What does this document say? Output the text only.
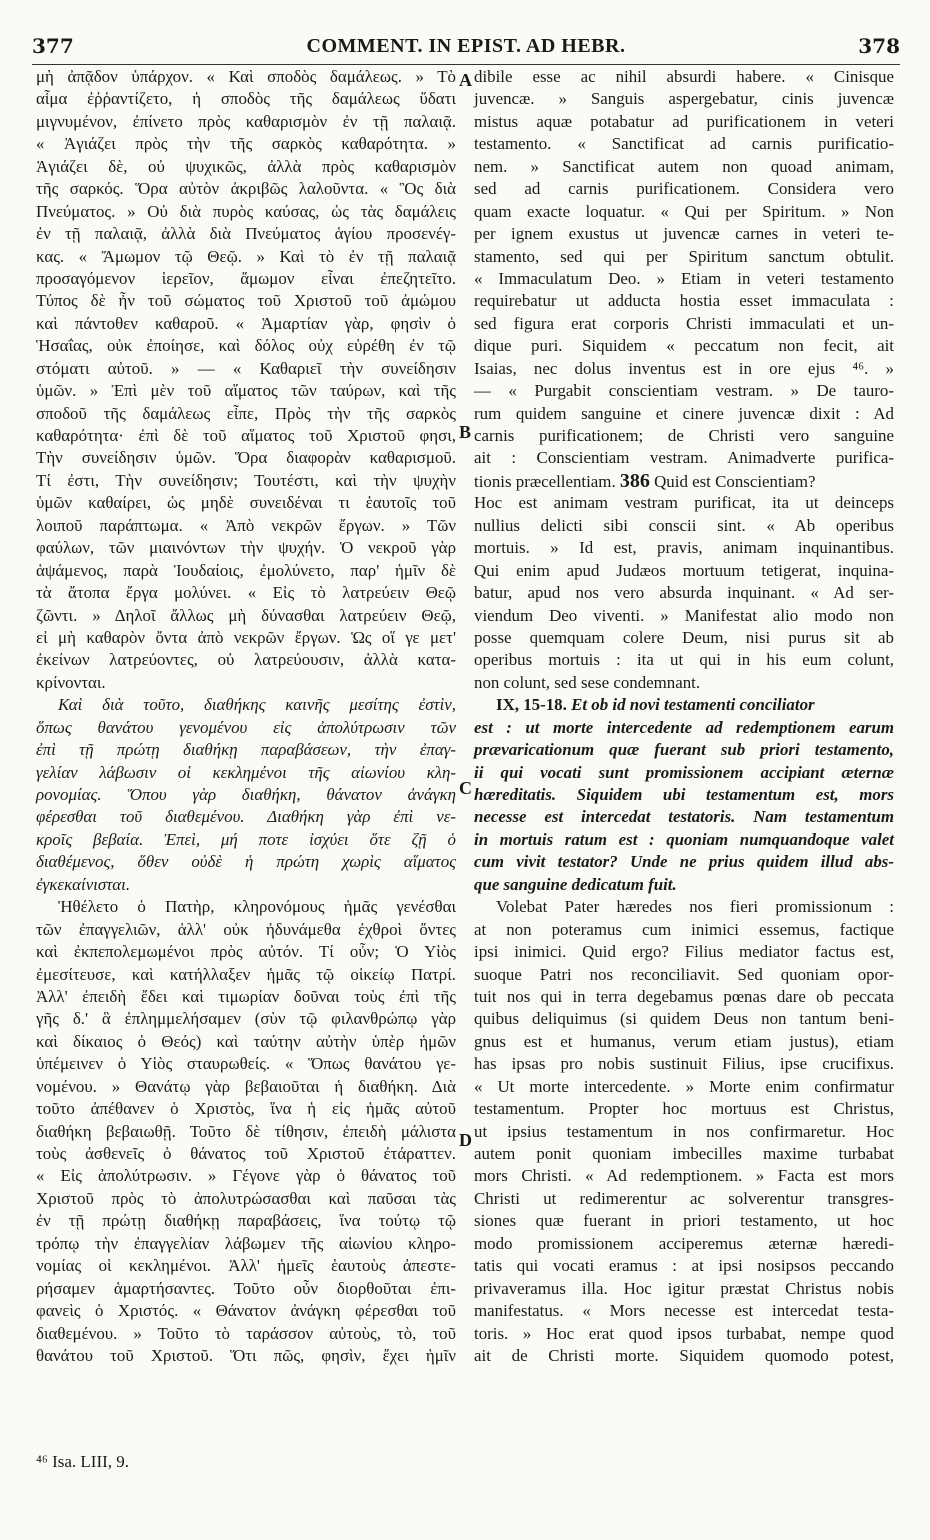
377	COMMENT. IN EPIST. AD HEBR.	378
μὴ ἀπᾷδον ὑπάρχον. « Καὶ σποδὸς δαμάλεως. » Τὸ
αἷμα ἐῤῥαντίζετο, ἡ σποδὸς τῆς δαμάλεως ὕδατι
μιγνυμένον, ἐπίνετο πρὸς καθαρισμὸν ἐν τῇ παλαιᾷ.
« Ἁγιάζει πρὸς τὴν τῆς σαρκὸς καθαρότητα. »
Ἁγιάζει δὲ, οὐ ψυχικῶς, ἀλλὰ πρὸς καθαρισμὸν
τῆς σαρκός. Ὅρα αὐτὸν ἀκριβῶς λαλοῦντα. « Ὃς διὰ
Πνεύματος. » Οὐ διὰ πυρὸς καύσας, ὡς τὰς δαμάλεις
ἐν τῇ παλαιᾷ, ἀλλὰ διὰ Πνεύματος ἁγίου προσενέγ-
κας. « Ἄμωμον τῷ Θεῷ. » Καὶ τὸ ἐν τῇ παλαιᾷ
προσαγόμενον ἱερεῖον, ἄμωμον εἶναι ἐπεζητεῖτο.
Τύπος δὲ ἦν τοῦ σώματος τοῦ Χριστοῦ τοῦ ἀμώμου
καὶ πάντοθεν καθαροῦ. « Ἁμαρτίαν γὰρ, φησὶν ὁ
Ἡσαΐας, οὐκ ἐποίησε, καὶ δόλος οὐχ εὑρέθη ἐν τῷ
στόματι αὐτοῦ. » — « Καθαριεῖ τὴν συνείδησιν
ὑμῶν. » Ἐπὶ μὲν τοῦ αἵματος τῶν ταύρων, καὶ τῆς
σποδοῦ τῆς δαμάλεως εἶπε, Πρὸς τὴν τῆς σαρκὸς
καθαρότητα· ἐπὶ δὲ τοῦ αἵματος τοῦ Χριστοῦ φησι,
Τὴν συνείδησιν ὑμῶν. Ὅρα διαφορὰν καθαρισμοῦ.
Τί ἐστι, Τὴν συνείδησιν; Τουτέστι, καὶ τὴν ψυχὴν
ὑμῶν καθαίρει, ὡς μηδὲ συνειδέναι τι ἑαυτοῖς τοῦ
λοιποῦ παράπτωμα. « Ἀπὸ νεκρῶν ἔργων. » Τῶν
φαύλων, τῶν μιαινόντων τὴν ψυχήν. Ὁ νεκροῦ γὰρ
ἁψάμενος, παρὰ Ἰουδαίοις, ἐμολύνετο, παρ' ἡμῖν δὲ
τὰ ἄτοπα ἔργα μολύνει. « Εἰς τὸ λατρεύειν Θεῷ
ζῶντι. » Δηλοῖ ἄλλως μὴ δύνασθαι λατρεύειν Θεῷ,
εἰ μὴ καθαρὸν ὄντα ἀπὸ νεκρῶν ἔργων. Ὡς οἵ γε μετ'
ἐκείνων λατρεύοντες, οὐ λατρεύουσιν, ἀλλὰ κατα-
κρίνονται.
Καὶ διὰ τοῦτο, διαθήκης καινῆς μεσίτης ἐστὶν,
ὅπως θανάτου γενομένου εἰς ἀπολύτρωσιν τῶν
ἐπὶ τῇ πρώτῃ διαθήκῃ παραβάσεων, τὴν ἐπαγ-
γελίαν λάβωσιν οἱ κεκλημένοι τῆς αἰωνίου κλη-
ρονομίας. Ὅπου γὰρ διαθήκη, θάνατον ἀνάγκη
φέρεσθαι τοῦ διαθεμένου. Διαθήκη γὰρ ἐπὶ νε-
κροῖς βεβαία. Ἐπεὶ, μή ποτε ἰσχύει ὅτε ζῇ ὁ
διαθέμενος, ὅθεν οὐδὲ ἡ πρώτη χωρὶς αἵματος
ἐγκεκαίνισται.
Ἠθέλετο ὁ Πατὴρ, κληρονόμους ἡμᾶς γενέσθαι
τῶν ἐπαγγελιῶν, ἀλλ' οὐκ ἠδυνάμεθα ἐχθροὶ ὄντες
καὶ ἐκπεπολεμωμένοι πρὸς αὐτόν. Τί οὖν; Ὁ Υἱὸς
ἐμεσίτευσε, καὶ κατήλλαξεν ἡμᾶς τῷ οἰκείῳ Πατρί.
Ἀλλ' ἐπειδὴ ἔδει καὶ τιμωρίαν δοῦναι τοὺς ἐπὶ τῆς
γῆς δ.' ἃ ἐπλημμελήσαμεν (σὺν τῷ φιλανθρώπῳ γὰρ
καὶ δίκαιος ὁ Θεός) καὶ ταύτην αὐτὴν ὑπὲρ ἡμῶν
ὑπέμεινεν ὁ Υἱὸς σταυρωθείς. « Ὅπως θανάτου γε-
νομένου. » Θανάτῳ γὰρ βεβαιοῦται ἡ διαθήκη. Διὰ
τοῦτο ἀπέθανεν ὁ Χριστὸς, ἵνα ἡ εἰς ἡμᾶς αὐτοῦ
διαθήκη βεβαιωθῇ. Τοῦτο δὲ τίθησιν, ἐπειδὴ μάλιστα
τοὺς ἀσθενεῖς ὁ θάνατος τοῦ Χριστοῦ ἐτάραττεν.
« Εἰς ἀπολύτρωσιν. » Γέγονε γὰρ ὁ θάνατος τοῦ
Χριστοῦ πρὸς τὸ ἀπολυτρώσασθαι καὶ παῦσαι τὰς
ἐν τῇ πρώτῃ διαθήκῃ παραβάσεις, ἵνα τούτῳ τῷ
τρόπῳ τὴν ἐπαγγελίαν λάβωμεν τῆς αἰωνίου κληρο-
νομίας οἱ κεκλημένοι. Ἀλλ' ἡμεῖς ἑαυτοὺς ἀπεστε-
ρήσαμεν ἁμαρτήσαντες. Τοῦτο οὖν διορθοῦται ἐπι-
φανεὶς ὁ Χριστός. « Θάνατον ἀνάγκη φέρεσθαι τοῦ
διαθεμένου. » Τοῦτο τὸ ταράσσον αὐτοὺς, τὸ, τοῦ
θανάτου τοῦ Χριστοῦ. Ὅτι πῶς, φησὶν, ἔχει ἡμῖν
dibile esse ac nihil absurdi habere. « Cinisque
juvencæ. » Sanguis aspergebatur, cinis juvencæ
mistus aquæ potabatur ad purificationem in veteri
testamento. « Sanctificat ad carnis purificatio-
nem. » Sanctificat autem non quoad animam,
sed ad carnis purificationem. Considera vero
quam exacte loquatur. « Qui per Spiritum. » Non
per ignem exustus ut juvencæ carnes in veteri te-
stamento, sed qui per Spiritum sanctum obtulit.
« Immaculatum Deo. » Etiam in veteri testamento
requirebatur ut adducta hostia esset immaculata :
sed figura erat corporis Christi immaculati et un-
dique puri. Siquidem « peccatum non fecit, ait
Isaias, nec dolus inventus est in ore ejus ⁴⁶. »
— « Purgabit conscientiam vestram. » De tauro-
rum quidem sanguine et cinere juvencæ dixit : Ad
carnis purificationem; de Christi vero sanguine
ait : Conscientiam vestram. Animadverte purifica-
tionis præcellentiam. 386 Quid est Conscientiam?
Hoc est animam vestram purificat, ita ut deinceps
nullius delicti sibi conscii sint. « Ab operibus
mortuis. » Id est, pravis, animam inquinantibus.
Qui enim apud Judæos mortuum tetigerat, inquina-
batur, apud nos vero absurda inquinant. « Ad ser-
viendum Deo viventi. » Manifestat alio modo non
posse quemquam colere Deum, nisi purus sit ab
operibus mortuis : ita ut qui in his eum colunt,
non colunt, sed sese condemnant.
IX, 15-18. Et ob id novi testamenti conciliator
est : ut morte intercedente ad redemptionem earum
prævaricationum quæ fuerant sub priori testamento,
ii qui vocati sunt promissionem accipiant æternæ
hæreditatis. Siquidem ubi testamentum est, mors
necesse est intercedat testatoris. Nam testamentum
in mortuis ratum est : quoniam numquandoque valet
cum vivit testator? Unde ne prius quidem illud abs-
que sanguine dedicatum fuit.
Volebat Pater hæredes nos fieri promissionum :
at non poteramus cum inimici essemus, factique
ipsi inimici. Quid ergo? Filius mediator factus est,
suoque Patri nos reconciliavit. Sed quoniam opor-
tuit nos qui in terra degebamus pœnas dare ob peccata
quibus deliquimus (si quidem Deus non tantum beni-
gnus est et humanus, verum etiam justus), etiam
has ipsas pro nobis sustinuit Filius, ipse crucifixus.
« Ut morte intercedente. » Morte enim confirmatur
testamentum. Propter hoc mortuus est Christus,
ut ipsius testamentum in nos confirmaretur. Hoc
autem ponit quoniam imbecilles maxime turbabat
mors Christi. « Ad redemptionem. » Facta est mors
Christi ut redimerentur ac solverentur transgres-
siones quæ fuerant in priori testamento, ut hoc
modo promissionem acciperemus æternæ hæredi-
tatis qui vocati eramus : at ipsi nosipsos peccando
privaveramus illa. Hoc igitur præstat Christus nobis
manifestatus. « Mors necesse est intercedat testa-
toris. » Hoc erat quod ipsos turbabat, nempe quod
ait de Christi morte. Siquidem quomodo potest,
A
B
C
D
⁴⁶ Isa. LIII, 9.
